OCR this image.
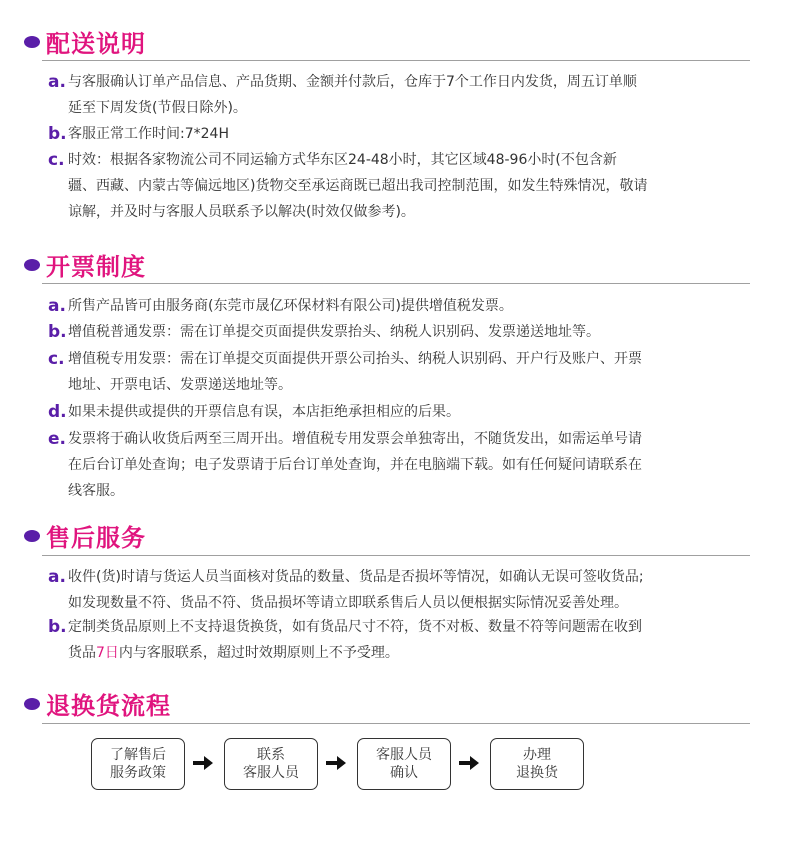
配送说明
a. 与客服确认订单产品信息、产品货期、金额并付款后，仓库于7个工作日内发货，周五订单顺
延至下周发货(节假日除外)。
b. 客服正常工作时间:7*24H
c. 时效：根据各家物流公司不同运输方式华东区24-48小时，其它区域48-96小时(不包含新
疆、西藏、内蒙古等偏远地区)货物交至承运商既已超出我司控制范围，如发生特殊情况，敬请
谅解，并及时与客服人员联系予以解决(时效仅做参考)。
开票制度
a. 所售产品皆可由服务商(东莞市晟亿环保材料有限公司)提供增值税发票。
b. 增值税普通发票：需在订单提交页面提供发票抬头、纳税人识别码、发票递送地址等。
c. 增值税专用发票：需在订单提交页面提供开票公司抬头、纳税人识别码、开户行及账户、开票
地址、开票电话、发票递送地址等。
d. 如果未提供或提供的开票信息有误，本店拒绝承担相应的后果。
e. 发票将于确认收货后两至三周开出。增值税专用发票会单独寄出，不随货发出，如需运单号请
在后台订单处查询；电子发票请于后台订单处查询，并在电脑端下载。如有任何疑问请联系在
线客服。
售后服务
a. 收件(货)时请与货运人员当面核对货品的数量、货品是否损坏等情况，如确认无误可签收货品;
如发现数量不符、货品不符、货品损坏等请立即联系售后人员以便根据实际情况妥善处理。
b. 定制类货品原则上不支持退货换货，如有货品尺寸不符，货不对板、数量不符等问题需在收到
货品7日内与客服联系，超过时效期原则上不予受理。
退换货流程
了解售后
服务政策
联系
客服人员
客服人员
确认
办理
退换货
